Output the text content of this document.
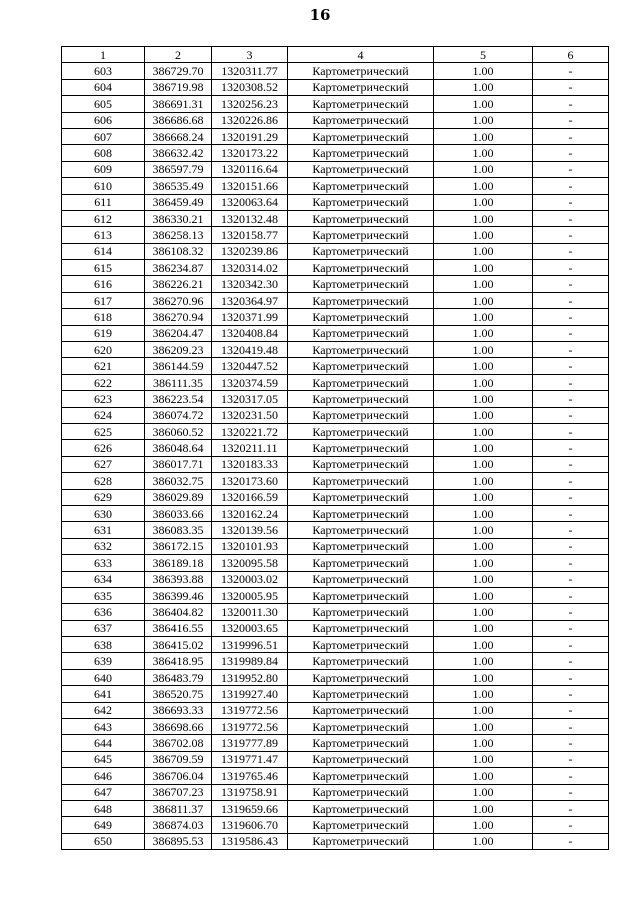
16
1	2	3	4	5	6
603	386729.70	1320311.77	Картометрический	1.00	-
604	386719.98	1320308.52	Картометрический	1.00	-
605	386691.31	1320256.23	Картометрический	1.00	-
606	386686.68	1320226.86	Картометрический	1.00	-
607	386668.24	1320191.29	Картометрический	1.00	-
608	386632.42	1320173.22	Картометрический	1.00	-
609	386597.79	1320116.64	Картометрический	1.00	-
610	386535.49	1320151.66	Картометрический	1.00	-
611	386459.49	1320063.64	Картометрический	1.00	-
612	386330.21	1320132.48	Картометрический	1.00	-
613	386258.13	1320158.77	Картометрический	1.00	-
614	386108.32	1320239.86	Картометрический	1.00	-
615	386234.87	1320314.02	Картометрический	1.00	-
616	386226.21	1320342.30	Картометрический	1.00	-
617	386270.96	1320364.97	Картометрический	1.00	-
618	386270.94	1320371.99	Картометрический	1.00	-
619	386204.47	1320408.84	Картометрический	1.00	-
620	386209.23	1320419.48	Картометрический	1.00	-
621	386144.59	1320447.52	Картометрический	1.00	-
622	386111.35	1320374.59	Картометрический	1.00	-
623	386223.54	1320317.05	Картометрический	1.00	-
624	386074.72	1320231.50	Картометрический	1.00	-
625	386060.52	1320221.72	Картометрический	1.00	-
626	386048.64	1320211.11	Картометрический	1.00	-
627	386017.71	1320183.33	Картометрический	1.00	-
628	386032.75	1320173.60	Картометрический	1.00	-
629	386029.89	1320166.59	Картометрический	1.00	-
630	386033.66	1320162.24	Картометрический	1.00	-
631	386083.35	1320139.56	Картометрический	1.00	-
632	386172.15	1320101.93	Картометрический	1.00	-
633	386189.18	1320095.58	Картометрический	1.00	-
634	386393.88	1320003.02	Картометрический	1.00	-
635	386399.46	1320005.95	Картометрический	1.00	-
636	386404.82	1320011.30	Картометрический	1.00	-
637	386416.55	1320003.65	Картометрический	1.00	-
638	386415.02	1319996.51	Картометрический	1.00	-
639	386418.95	1319989.84	Картометрический	1.00	-
640	386483.79	1319952.80	Картометрический	1.00	-
641	386520.75	1319927.40	Картометрический	1.00	-
642	386693.33	1319772.56	Картометрический	1.00	-
643	386698.66	1319772.56	Картометрический	1.00	-
644	386702.08	1319777.89	Картометрический	1.00	-
645	386709.59	1319771.47	Картометрический	1.00	-
646	386706.04	1319765.46	Картометрический	1.00	-
647	386707.23	1319758.91	Картометрический	1.00	-
648	386811.37	1319659.66	Картометрический	1.00	-
649	386874.03	1319606.70	Картометрический	1.00	-
650	386895.53	1319586.43	Картометрический	1.00	-
